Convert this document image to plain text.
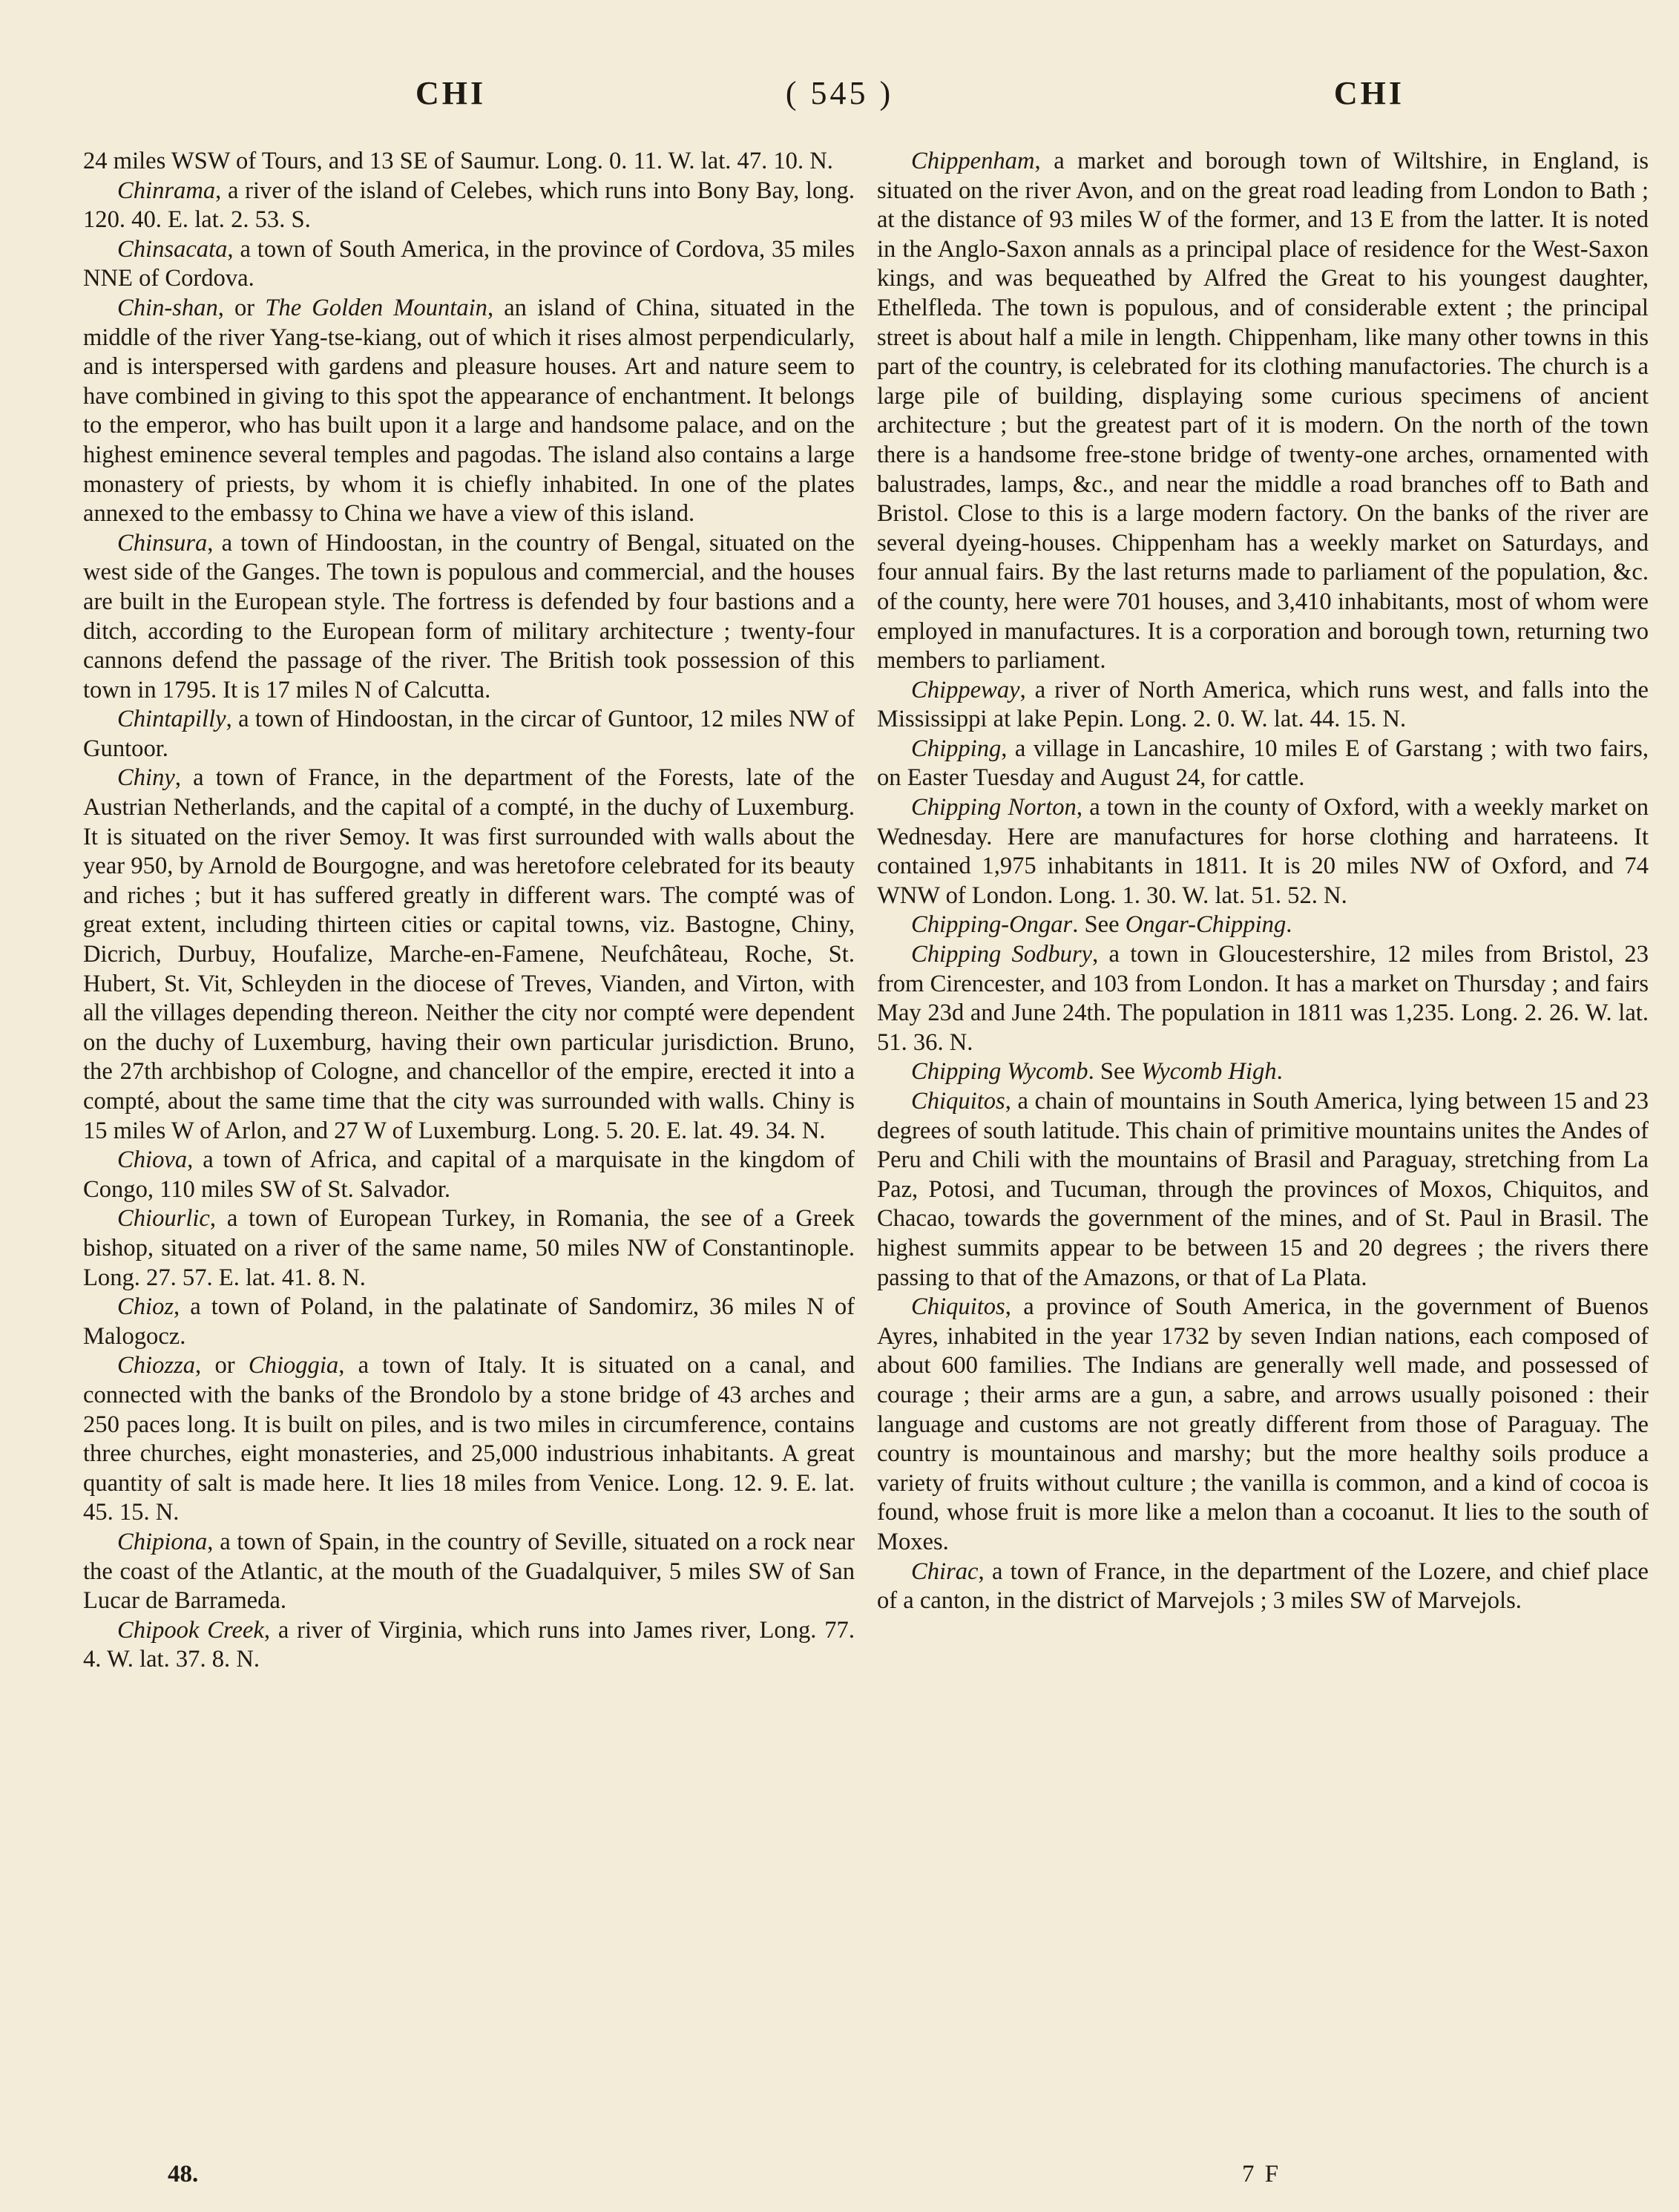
CHI	( 545 )	CHI

24 miles WSW of Tours, and 13 SE of Saumur. Long. 0. 11. W. lat. 47. 10. N.

Chinrama, a river of the island of Celebes, which runs into Bony Bay, long. 120. 40. E. lat. 2. 53. S.

Chinsacata, a town of South America, in the province of Cordova, 35 miles NNE of Cordova.

Chin-shan, or The Golden Mountain, an island of China, situated in the middle of the river Yang-tse-kiang, out of which it rises almost perpendicularly, and is interspersed with gardens and pleasure houses. Art and nature seem to have combined in giving to this spot the appearance of enchantment. It belongs to the emperor, who has built upon it a large and handsome palace, and on the highest eminence several temples and pagodas. The island also contains a large monastery of priests, by whom it is chiefly inhabited. In one of the plates annexed to the embassy to China we have a view of this island.

Chinsura, a town of Hindoostan, in the country of Bengal, situated on the west side of the Ganges. The town is populous and commercial, and the houses are built in the European style. The fortress is defended by four bastions and a ditch, according to the European form of military architecture ; twenty-four cannons defend the passage of the river. The British took possession of this town in 1795. It is 17 miles N of Calcutta.

Chintapilly, a town of Hindoostan, in the circar of Guntoor, 12 miles NW of Guntoor.

Chiny, a town of France, in the department of the Forests, late of the Austrian Netherlands, and the capital of a compté, in the duchy of Luxemburg. It is situated on the river Semoy. It was first surrounded with walls about the year 950, by Arnold de Bourgogne, and was heretofore celebrated for its beauty and riches ; but it has suffered greatly in different wars. The compté was of great extent, including thirteen cities or capital towns, viz. Bastogne, Chiny, Dicrich, Durbuy, Houfalize, Marche-en-Famene, Neufchâteau, Roche, St. Hubert, St. Vit, Schleyden in the diocese of Treves, Vianden, and Virton, with all the villages depending thereon. Neither the city nor compté were dependent on the duchy of Luxemburg, having their own particular jurisdiction. Bruno, the 27th archbishop of Cologne, and chancellor of the empire, erected it into a compté, about the same time that the city was surrounded with walls. Chiny is 15 miles W of Arlon, and 27 W of Luxemburg. Long. 5. 20. E. lat. 49. 34. N.

Chiova, a town of Africa, and capital of a marquisate in the kingdom of Congo, 110 miles SW of St. Salvador.

Chiourlic, a town of European Turkey, in Romania, the see of a Greek bishop, situated on a river of the same name, 50 miles NW of Constantinople. Long. 27. 57. E. lat. 41. 8. N.

Chioz, a town of Poland, in the palatinate of Sandomirz, 36 miles N of Malogocz.

Chiozza, or Chioggia, a town of Italy. It is situated on a canal, and connected with the banks of the Brondolo by a stone bridge of 43 arches and 250 paces long. It is built on piles, and is two miles in circumference, contains three churches, eight monasteries, and 25,000 industrious inhabitants. A great quantity of salt is made here. It lies 18 miles from Venice. Long. 12. 9. E. lat. 45. 15. N.

Chipiona, a town of Spain, in the country of Seville, situated on a rock near the coast of the Atlantic, at the mouth of the Guadalquiver, 5 miles SW of San Lucar de Barrameda.

Chipook Creek, a river of Virginia, which runs into James river, Long. 77. 4. W. lat. 37. 8. N.

Chippenham, a market and borough town of Wiltshire, in England, is situated on the river Avon, and on the great road leading from London to Bath ; at the distance of 93 miles W of the former, and 13 E from the latter. It is noted in the Anglo-Saxon annals as a principal place of residence for the West-Saxon kings, and was bequeathed by Alfred the Great to his youngest daughter, Ethelfleda. The town is populous, and of considerable extent ; the principal street is about half a mile in length. Chippenham, like many other towns in this part of the country, is celebrated for its clothing manufactories. The church is a large pile of building, displaying some curious specimens of ancient architecture ; but the greatest part of it is modern. On the north of the town there is a handsome free-stone bridge of twenty-one arches, ornamented with balustrades, lamps, &c., and near the middle a road branches off to Bath and Bristol. Close to this is a large modern factory. On the banks of the river are several dyeing-houses. Chippenham has a weekly market on Saturdays, and four annual fairs. By the last returns made to parliament of the population, &c. of the county, here were 701 houses, and 3,410 inhabitants, most of whom were employed in manufactures. It is a corporation and borough town, returning two members to parliament.

Chippeway, a river of North America, which runs west, and falls into the Mississippi at lake Pepin. Long. 2. 0. W. lat. 44. 15. N.

Chipping, a village in Lancashire, 10 miles E of Garstang ; with two fairs, on Easter Tuesday and August 24, for cattle.

Chipping Norton, a town in the county of Oxford, with a weekly market on Wednesday. Here are manufactures for horse clothing and harrateens. It contained 1,975 inhabitants in 1811. It is 20 miles NW of Oxford, and 74 WNW of London. Long. 1. 30. W. lat. 51. 52. N.

Chipping-Ongar. See Ongar-Chipping.

Chipping Sodbury, a town in Gloucestershire, 12 miles from Bristol, 23 from Cirencester, and 103 from London. It has a market on Thursday ; and fairs May 23d and June 24th. The population in 1811 was 1,235. Long. 2. 26. W. lat. 51. 36. N.

Chipping Wycomb. See Wycomb High.

Chiquitos, a chain of mountains in South America, lying between 15 and 23 degrees of south latitude. This chain of primitive mountains unites the Andes of Peru and Chili with the mountains of Brasil and Paraguay, stretching from La Paz, Potosi, and Tucuman, through the provinces of Moxos, Chiquitos, and Chacao, towards the government of the mines, and of St. Paul in Brasil. The highest summits appear to be between 15 and 20 degrees ; the rivers there passing to that of the Amazons, or that of La Plata.

Chiquitos, a province of South America, in the government of Buenos Ayres, inhabited in the year 1732 by seven Indian nations, each composed of about 600 families. The Indians are generally well made, and possessed of courage ; their arms are a gun, a sabre, and arrows usually poisoned : their language and customs are not greatly different from those of Paraguay. The country is mountainous and marshy; but the more healthy soils produce a variety of fruits without culture ; the vanilla is common, and a kind of cocoa is found, whose fruit is more like a melon than a cocoanut. It lies to the south of Moxes.

Chirac, a town of France, in the department of the Lozere, and chief place of a canton, in the district of Marvejols ; 3 miles SW of Marvejols.

48.	7 F
